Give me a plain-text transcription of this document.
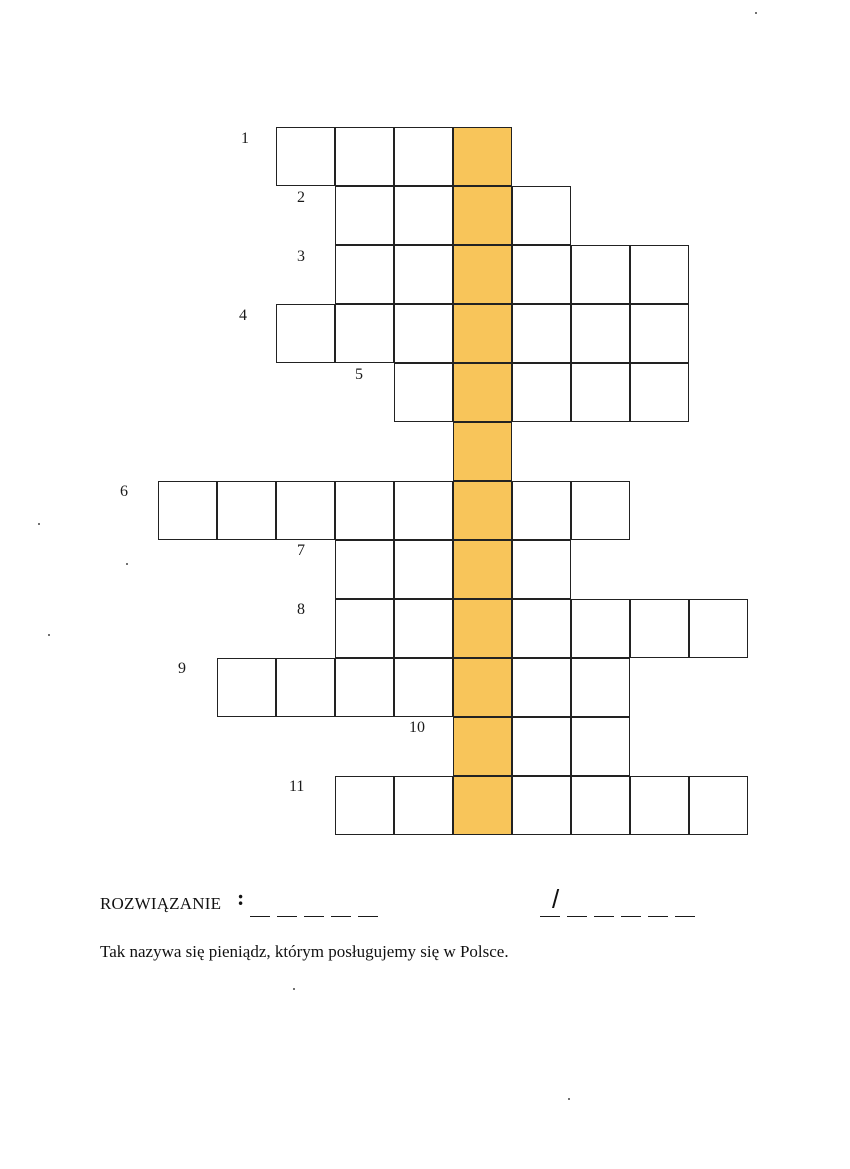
1
2
3
4
5
6
7
8
9
10
11
ROZWIĄZANIE :	/
Tak nazywa się pieniądz, którym posługujemy się w Polsce.
